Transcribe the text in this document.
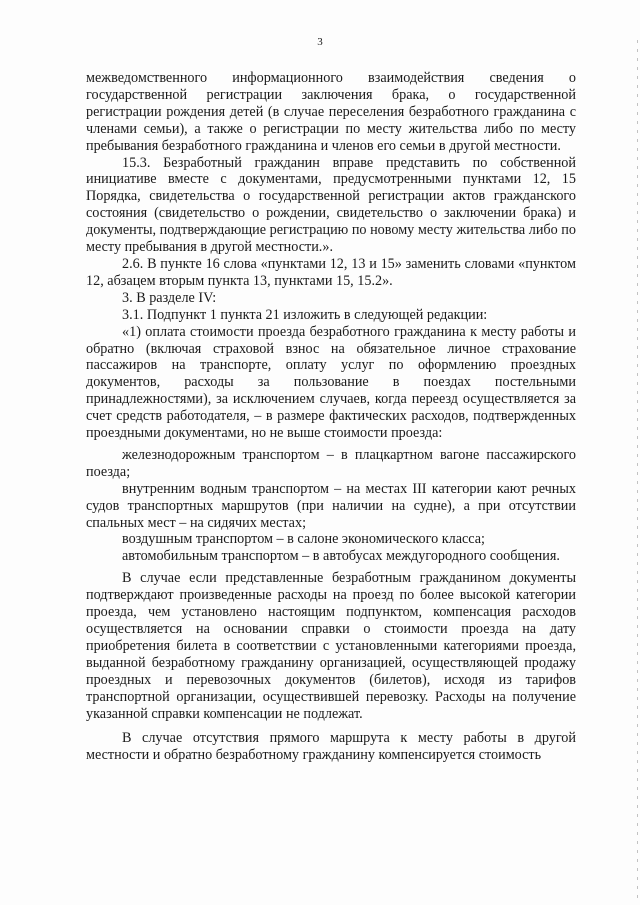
3

межведомственного информационного взаимодействия сведения о государственной регистрации заключения брака, о государственной регистрации рождения детей (в случае переселения безработного гражданина с членами семьи), а также о регистрации по месту жительства либо по месту пребывания безработного гражданина и членов его семьи в другой местности.

15.3. Безработный гражданин вправе представить по собственной инициативе вместе с документами, предусмотренными пунктами 12, 15 Порядка, свидетельства о государственной регистрации актов гражданского состояния (свидетельство о рождении, свидетельство о заключении брака) и документы, подтверждающие регистрацию по новому месту жительства либо по месту пребывания в другой местности.».

2.6. В пункте 16 слова «пунктами 12, 13 и 15» заменить словами «пунктом 12, абзацем вторым пункта 13, пунктами 15, 15.2».

3. В разделе IV:

3.1. Подпункт 1 пункта 21 изложить в следующей редакции:

«1) оплата стоимости проезда безработного гражданина к месту работы и обратно (включая страховой взнос на обязательное личное страхование пассажиров на транспорте, оплату услуг по оформлению проездных документов, расходы за пользование в поездах постельными принадлежностями), за исключением случаев, когда переезд осуществляется за счет средств работодателя, – в размере фактических расходов, подтвержденных проездными документами, но не выше стоимости проезда:

железнодорожным транспортом – в плацкартном вагоне пассажирского поезда;

внутренним водным транспортом – на местах III категории кают речных судов транспортных маршрутов (при наличии на судне), а при отсутствии спальных мест – на сидячих местах;

воздушным транспортом – в салоне экономического класса;

автомобильным транспортом – в автобусах междугородного сообщения.

В случае если представленные безработным гражданином документы подтверждают произведенные расходы на проезд по более высокой категории проезда, чем установлено настоящим подпунктом, компенсация расходов осуществляется на основании справки о стоимости проезда на дату приобретения билета в соответствии с установленными категориями проезда, выданной безработному гражданину организацией, осуществляющей продажу проездных и перевозочных документов (билетов), исходя из тарифов транспортной организации, осуществившей перевозку. Расходы на получение указанной справки компенсации не подлежат.

В случае отсутствия прямого маршрута к месту работы в другой местности и обратно безработному гражданину компенсируется стоимость
